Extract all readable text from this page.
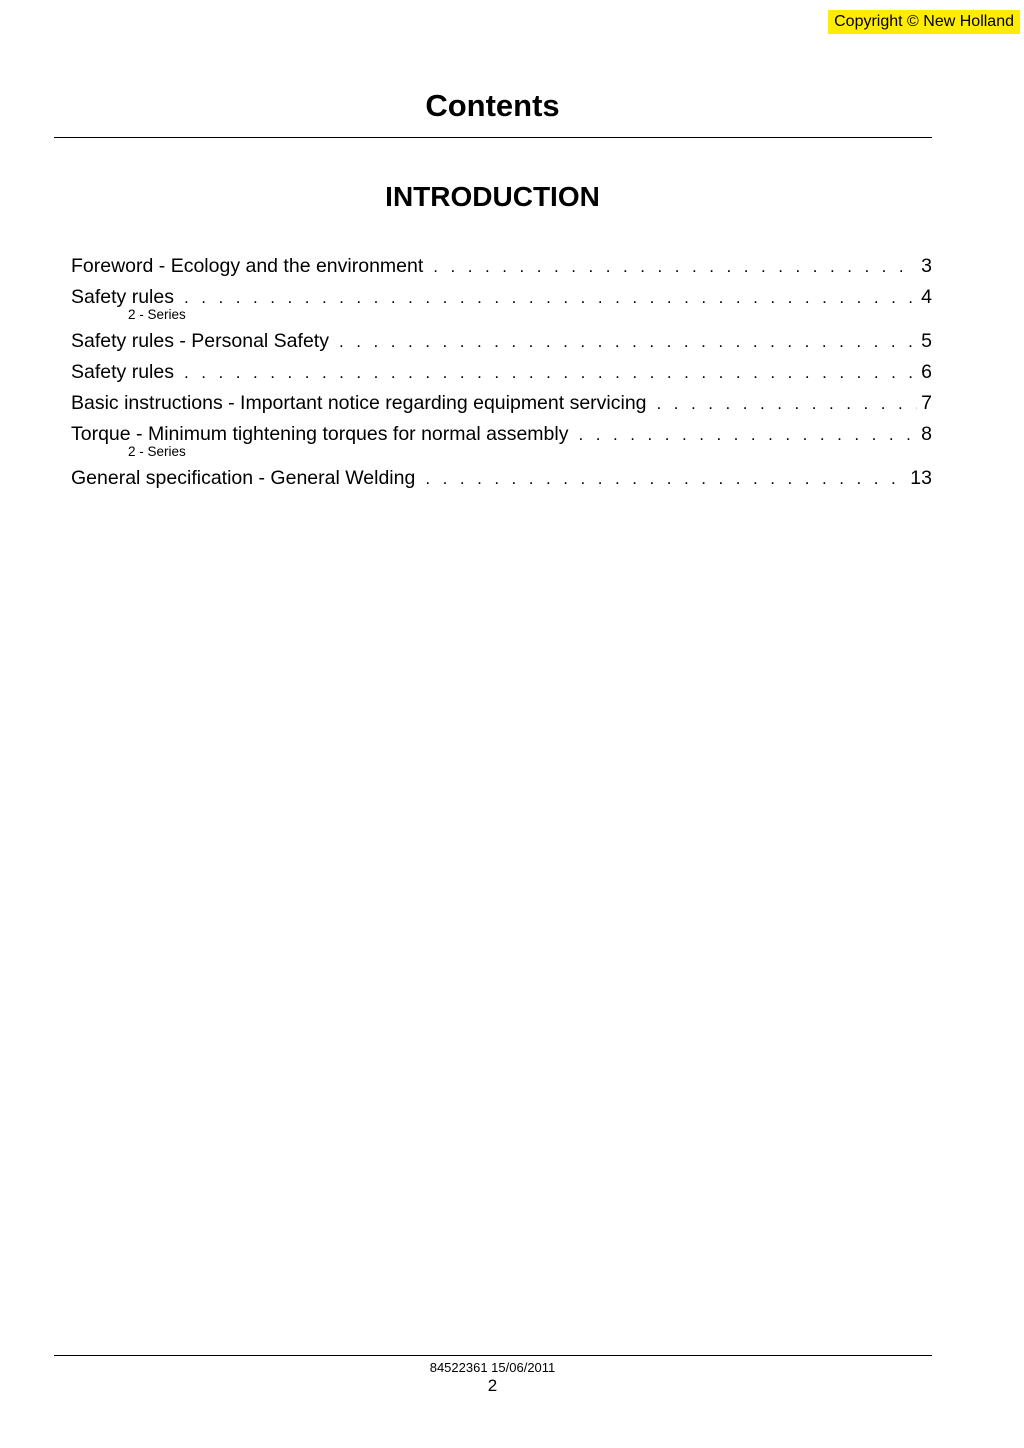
Copyright © New Holland
Contents
INTRODUCTION
Foreword - Ecology and the environment . . .	3
Safety rules . . .	4
2 - Series
Safety rules - Personal Safety . . .	5
Safety rules . . .	6
Basic instructions - Important notice regarding equipment servicing . . .	7
Torque - Minimum tightening torques for normal assembly . . .	8
2 - Series
General specification - General Welding . . .	13
84522361 15/06/2011
2
